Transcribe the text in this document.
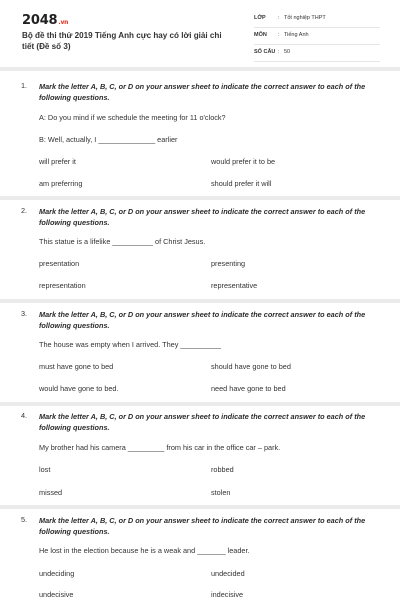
2048.vn
Bộ đề thi thử 2019 Tiếng Anh cực hay có lời giải chi tiết (Đề số 3)
LỚP : Tốt nghiệp THPT
MÔN : Tiếng Anh
SỐ CÂU : 50
1. Mark the letter A, B, C, or D on your answer sheet to indicate the correct answer to each of the following questions.
A: Do you mind if we schedule the meeting for 11 o'clock?
B: Well, actually, I ______________ earlier
will prefer it	would prefer it to be
am preferring	should prefer it will
2. Mark the letter A, B, C, or D on your answer sheet to indicate the correct answer to each of the following questions.
This statue is a lifelike __________ of Christ Jesus.
presentation	presenting
representation	representative
3. Mark the letter A, B, C, or D on your answer sheet to indicate the correct answer to each of the following questions.
The house was empty when I arrived. They __________
must have gone to bed	should have gone to bed
would have gone to bed.	need have gone to bed
4. Mark the letter A, B, C, or D on your answer sheet to indicate the correct answer to each of the following questions.
My brother had his camera _________ from his car in the office car – park.
lost	robbed
missed	stolen
5. Mark the letter A, B, C, or D on your answer sheet to indicate the correct answer to each of the following questions.
He lost in the election because he is a weak and _______ leader.
undeciding	undecided
undecisive	indecisive
